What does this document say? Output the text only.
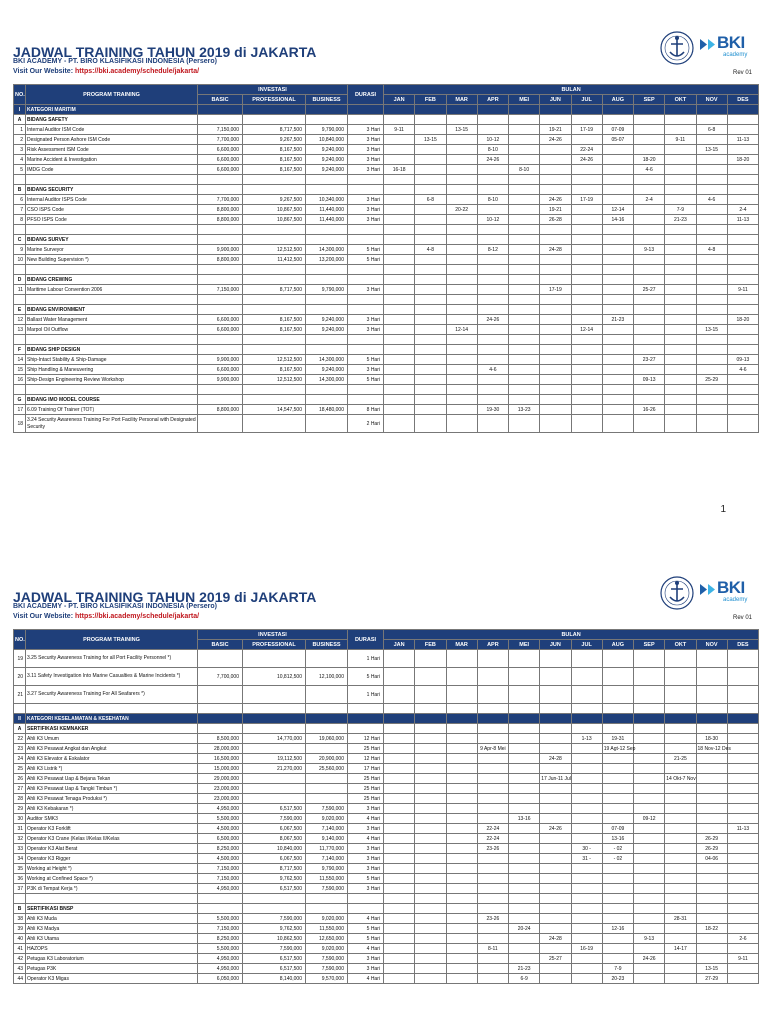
JADWAL TRAINING TAHUN 2019 di JAKARTA
BKI ACADEMY - PT. BIRO KLASIFIKASI INDONESIA (Persero)
Visit Our Website: https://bki.academy/schedule/jakarta/	Rev 01
BKI
academy
NO.	PROGRAM TRAINING	INVESTASI			DURASI	BULAN											
		BASIC	PROFESSIONAL	BUSINESS		JAN	FEB	MAR	APR	MEI	JUN	JUL	AUG	SEP	OKT	NOV	DES
I	KATEGORI MARITIM																
A	BIDANG SAFETY																
1	Internal Auditor ISM Code	7,150,000	8,717,500	9,790,000	3 Hari	9-11		13-15			19-21	17-19	07-09			6-8	
2	Designated Person Ashore ISM Code	7,700,000	9,267,500	10,840,000	3 Hari		13-15		10-12		24-26		05-07		9-11		11-13
3	Risk Assessment ISM Code	6,600,000	8,167,500	9,240,000	3 Hari				8-10			22-24				13-15	
4	Marine Accident & Investigation	6,600,000	8,167,500	9,240,000	3 Hari				24-26			24-26		18-20			18-20
5	IMDG Code	6,600,000	8,167,500	9,240,000	3 Hari	16-18				8-10				4-6			

B	BIDANG SECURITY																
6	Internal Auditor ISPS Code	7,700,000	9,267,500	10,340,000	3 Hari		6-8		8-10		24-26	17-19		2-4		4-6	
7	CSO ISPS Code	8,800,000	10,867,500	11,440,000	3 Hari			20-22			19-21		12-14		7-9		2-4
8	PFSO ISPS Code	8,800,000	10,867,500	11,440,000	3 Hari				10-12		26-28		14-16		21-23		11-13

C	BIDANG SURVEY																
9	Marine Surveyor	9,900,000	12,512,500	14,300,000	5 Hari		4-8		8-12		24-28			9-13		4-8	
10	New Building Supervision *)	8,800,000	11,412,500	13,200,000	5 Hari												

D	BIDANG CREWING																
11	Maritime Labour Convention 2006	7,150,000	8,717,500	9,790,000	3 Hari						17-19			25-27			9-11

E	BIDANG ENVIRONMENT																
12	Ballast Water Management	6,600,000	8,167,500	9,240,000	3 Hari				24-26				21-23				18-20
13	Marpol Oil Outflow	6,600,000	8,167,500	9,240,000	3 Hari			12-14				12-14				13-15	

F	BIDANG SHIP DESIGN																
14	Ship-Intact Stability & Ship-Damage	9,900,000	12,512,500	14,300,000	5 Hari									23-27			09-13
15	Ship Handling & Maneuvering	6,600,000	8,167,500	9,240,000	3 Hari				4-6								4-6
16	Ship-Design Engineering Review Workshop	9,900,000	12,512,500	14,300,000	5 Hari									09-13		25-29	

G	BIDANG IMO MODEL COURSE																
17	6.09 Training Of Trainer (TOT)	8,800,000	14,547,500	18,480,000	8 Hari				19-30	13-23				16-26			
18	3.24 Security Awareness Training For Port Facility Personal with Designated Security				2 Hari												
1
JADWAL TRAINING TAHUN 2019 di JAKARTA
BKI ACADEMY - PT. BIRO KLASIFIKASI INDONESIA (Persero)
Visit Our Website: https://bki.academy/schedule/jakarta/	Rev 01
BKI
academy
NO.	PROGRAM TRAINING	INVESTASI			DURASI	BULAN											
		BASIC	PROFESSIONAL	BUSINESS		JAN	FEB	MAR	APR	MEI	JUN	JUL	AUG	SEP	OKT	NOV	DES
19	3.25 Security Awareness Training for all Port Facility Personnel *)				1 Hari												
20	3.11 Safety Investigation Into Marine Casualties & Marine Incidents *)	7,700,000	10,812,500	12,100,000	5 Hari												
21	3.27 Security Awareness Training For All Seafarers *)				1 Hari												

II	KATEGORI KESELAMATAN & KESEHATAN																
A	SERTIFIKASI KEMNAKER																
22	Ahli K3 Umum	8,500,000	14,770,000	19,060,000	12 Hari							1-13	19-31			18-30	
23	Ahli K3 Pesawat Angkat dan Angkut	28,000,000			25 Hari				9 Apr-8 Mei				19 Agt-12 Sep			18 Nov-12 Des	
24	Ahli K3 Elevator & Eskalator	16,500,000	19,112,500	20,900,000	12 Hari						24-28				21-25		
25	Ahli K3 Listrik *)	15,000,000	21,270,000	25,560,000	17 Hari												
26	Ahli K3 Pesawat Uap & Bejana Tekan	29,000,000			25 Hari						17 Jun-11 Jul				14 Okt-7 Nov		
27	Ahli K3 Pesawat Uap & Tangki Timbun *)	23,000,000			25 Hari												
28	Ahli K3 Pesawat Tenaga Produksi *)	23,000,000			25 Hari												
29	Ahli K3 Kebakaran *)	4,950,000	6,517,500	7,590,000	3 Hari												
30	Auditor SMK3	5,500,000	7,590,000	9,020,000	4 Hari					13-16				09-12			
31	Operator K3 Forklift	4,500,000	6,067,500	7,140,000	3 Hari				22-24		24-26		07-09				11-13
32	Operator K3 Crane (Kelas I/Kelas II/Kelas	6,500,000	8,067,500	9,140,000	4 Hari				22-24				13-16			26-29	
33	Operator K3 Alat Berat	8,250,000	10,840,000	11,770,000	3 Hari				23-26			30 -	- 02			26-29	
34	Operator K3 Rigger	4,500,000	6,067,500	7,140,000	3 Hari							31 -	- 02			04-06	
35	Working at Height *)	7,150,000	8,717,500	9,790,000	3 Hari												
36	Working at Confined Space *)	7,150,000	9,762,500	11,550,000	5 Hari												
37	P3K di Tempat Kerja *)	4,950,000	6,517,500	7,590,000	3 Hari												

B	SERTIFIKASI BNSP																
38	Ahli K3 Muda	5,500,000	7,590,000	9,020,000	4 Hari				23-26						28-31		
39	Ahli K3 Madya	7,150,000	9,762,500	11,550,000	5 Hari					20-24			12-16			18-22	
40	Ahli K3 Utama	8,250,000	10,862,500	12,650,000	5 Hari						24-28			9-13			2-6
41	HAZOPS	5,500,000	7,590,000	9,020,000	4 Hari				8-11			16-19			14-17		
42	Petugas K3 Laboratorium	4,950,000	6,517,500	7,590,000	3 Hari						25-27			24-26			9-11
43	Petugas P3K	4,950,000	6,517,500	7,590,000	3 Hari					21-23			7-9			13-15	
44	Operator K3 Migas	6,050,000	8,140,000	9,570,000	4 Hari					6-9			20-23			27-29	
